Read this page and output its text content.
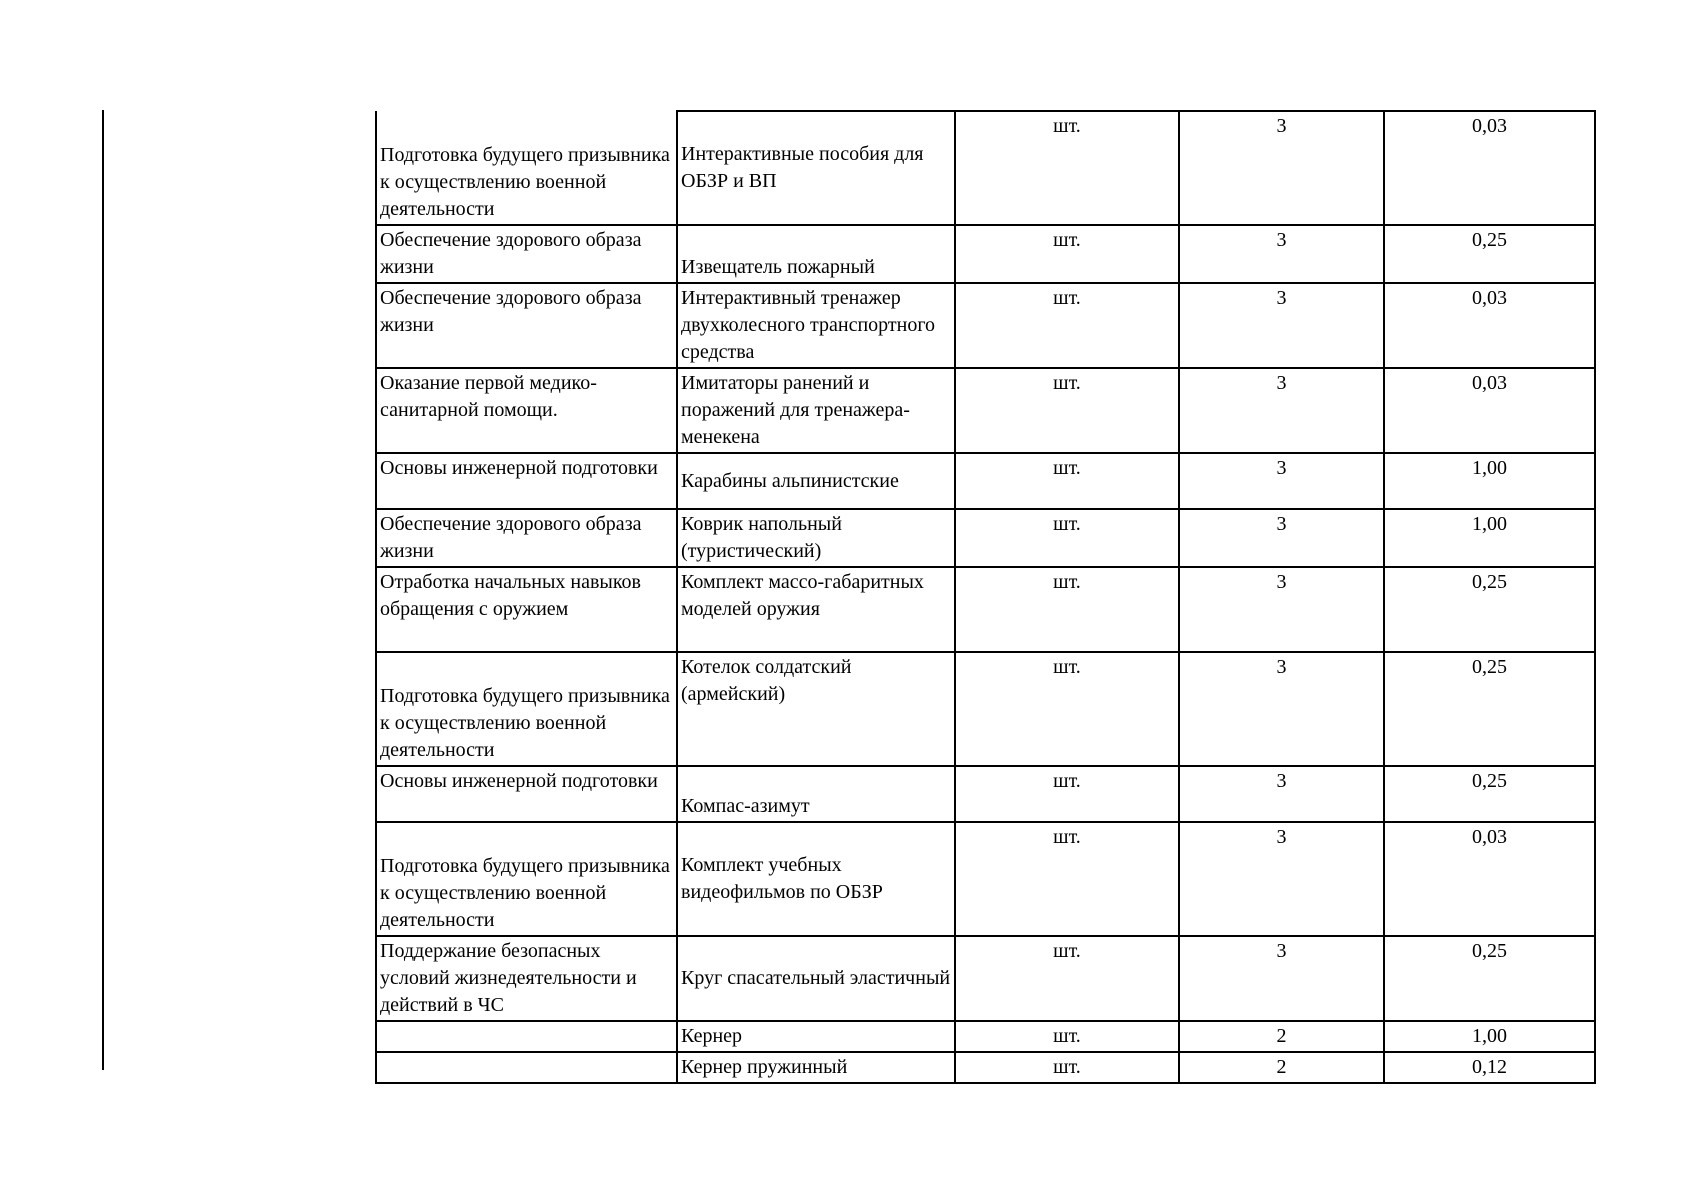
Подготовка будущего призывника к осуществлению военной деятельности	Интерактивные пособия для ОБЗР и ВП	шт.	3	0,03
Обеспечение здорового образа жизни	Извещатель пожарный	шт.	3	0,25
Обеспечение здорового образа жизни	Интерактивный тренажер двухколесного транспортного средства	шт.	3	0,03
Оказание первой медико-санитарной помощи.	Имитаторы ранений и поражений для тренажера-менекена	шт.	3	0,03
Основы инженерной подготовки	Карабины альпинистские	шт.	3	1,00
Обеспечение здорового образа жизни	Коврик напольный (туристический)	шт.	3	1,00
Отработка начальных навыков обращения с оружием	Комплект массо-габаритных моделей оружия	шт.	3	0,25
Подготовка будущего призывника к осуществлению военной деятельности	Котелок солдатский (армейский)	шт.	3	0,25
Основы инженерной подготовки	Компас-азимут	шт.	3	0,25
Подготовка будущего призывника к осуществлению военной деятельности	Комплект учебных видеофильмов по ОБЗР	шт.	3	0,03
Поддержание безопасных условий жизнедеятельности и действий в ЧС	Круг спасательный эластичный	шт.	3	0,25
	Кернер	шт.	2	1,00
	Кернер пружинный	шт.	2	0,12
